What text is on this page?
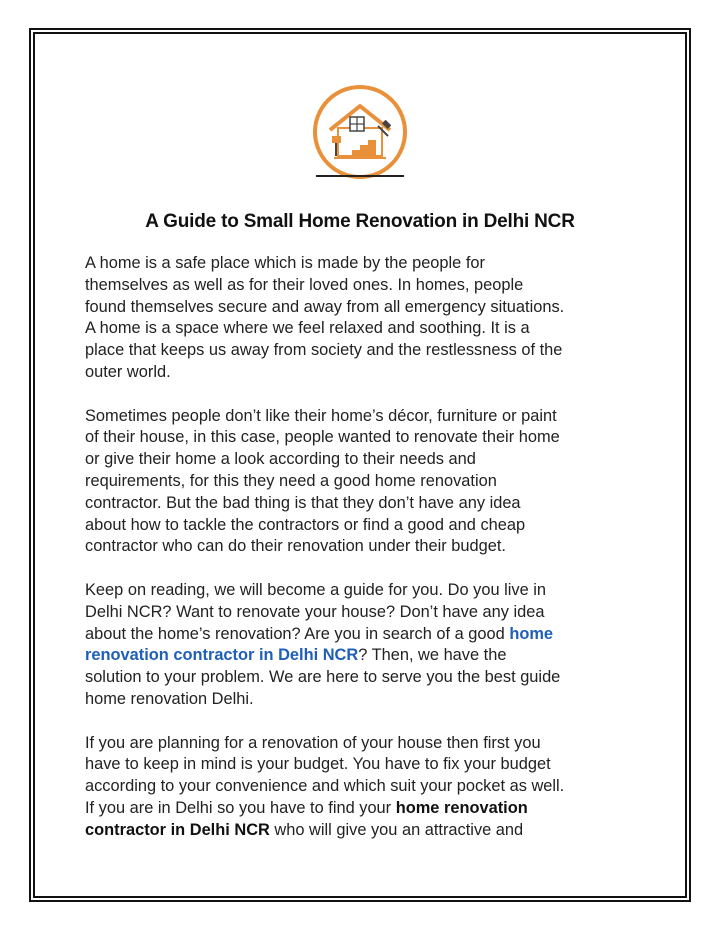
A Guide to Small Home Renovation in Delhi NCR

A home is a safe place which is made by the people for
themselves as well as for their loved ones. In homes, people
found themselves secure and away from all emergency situations.
A home is a space where we feel relaxed and soothing. It is a
place that keeps us away from society and the restlessness of the
outer world.

Sometimes people don’t like their home’s décor, furniture or paint
of their house, in this case, people wanted to renovate their home
or give their home a look according to their needs and
requirements, for this they need a good home renovation
contractor. But the bad thing is that they don’t have any idea
about how to tackle the contractors or find a good and cheap
contractor who can do their renovation under their budget.

Keep on reading, we will become a guide for you. Do you live in
Delhi NCR? Want to renovate your house? Don’t have any idea
about the home’s renovation? Are you in search of a good home
renovation contractor in Delhi NCR? Then, we have the
solution to your problem. We are here to serve you the best guide
home renovation Delhi.

If you are planning for a renovation of your house then first you
have to keep in mind is your budget. You have to fix your budget
according to your convenience and which suit your pocket as well.
If you are in Delhi so you have to find your home renovation
contractor in Delhi NCR who will give you an attractive and
